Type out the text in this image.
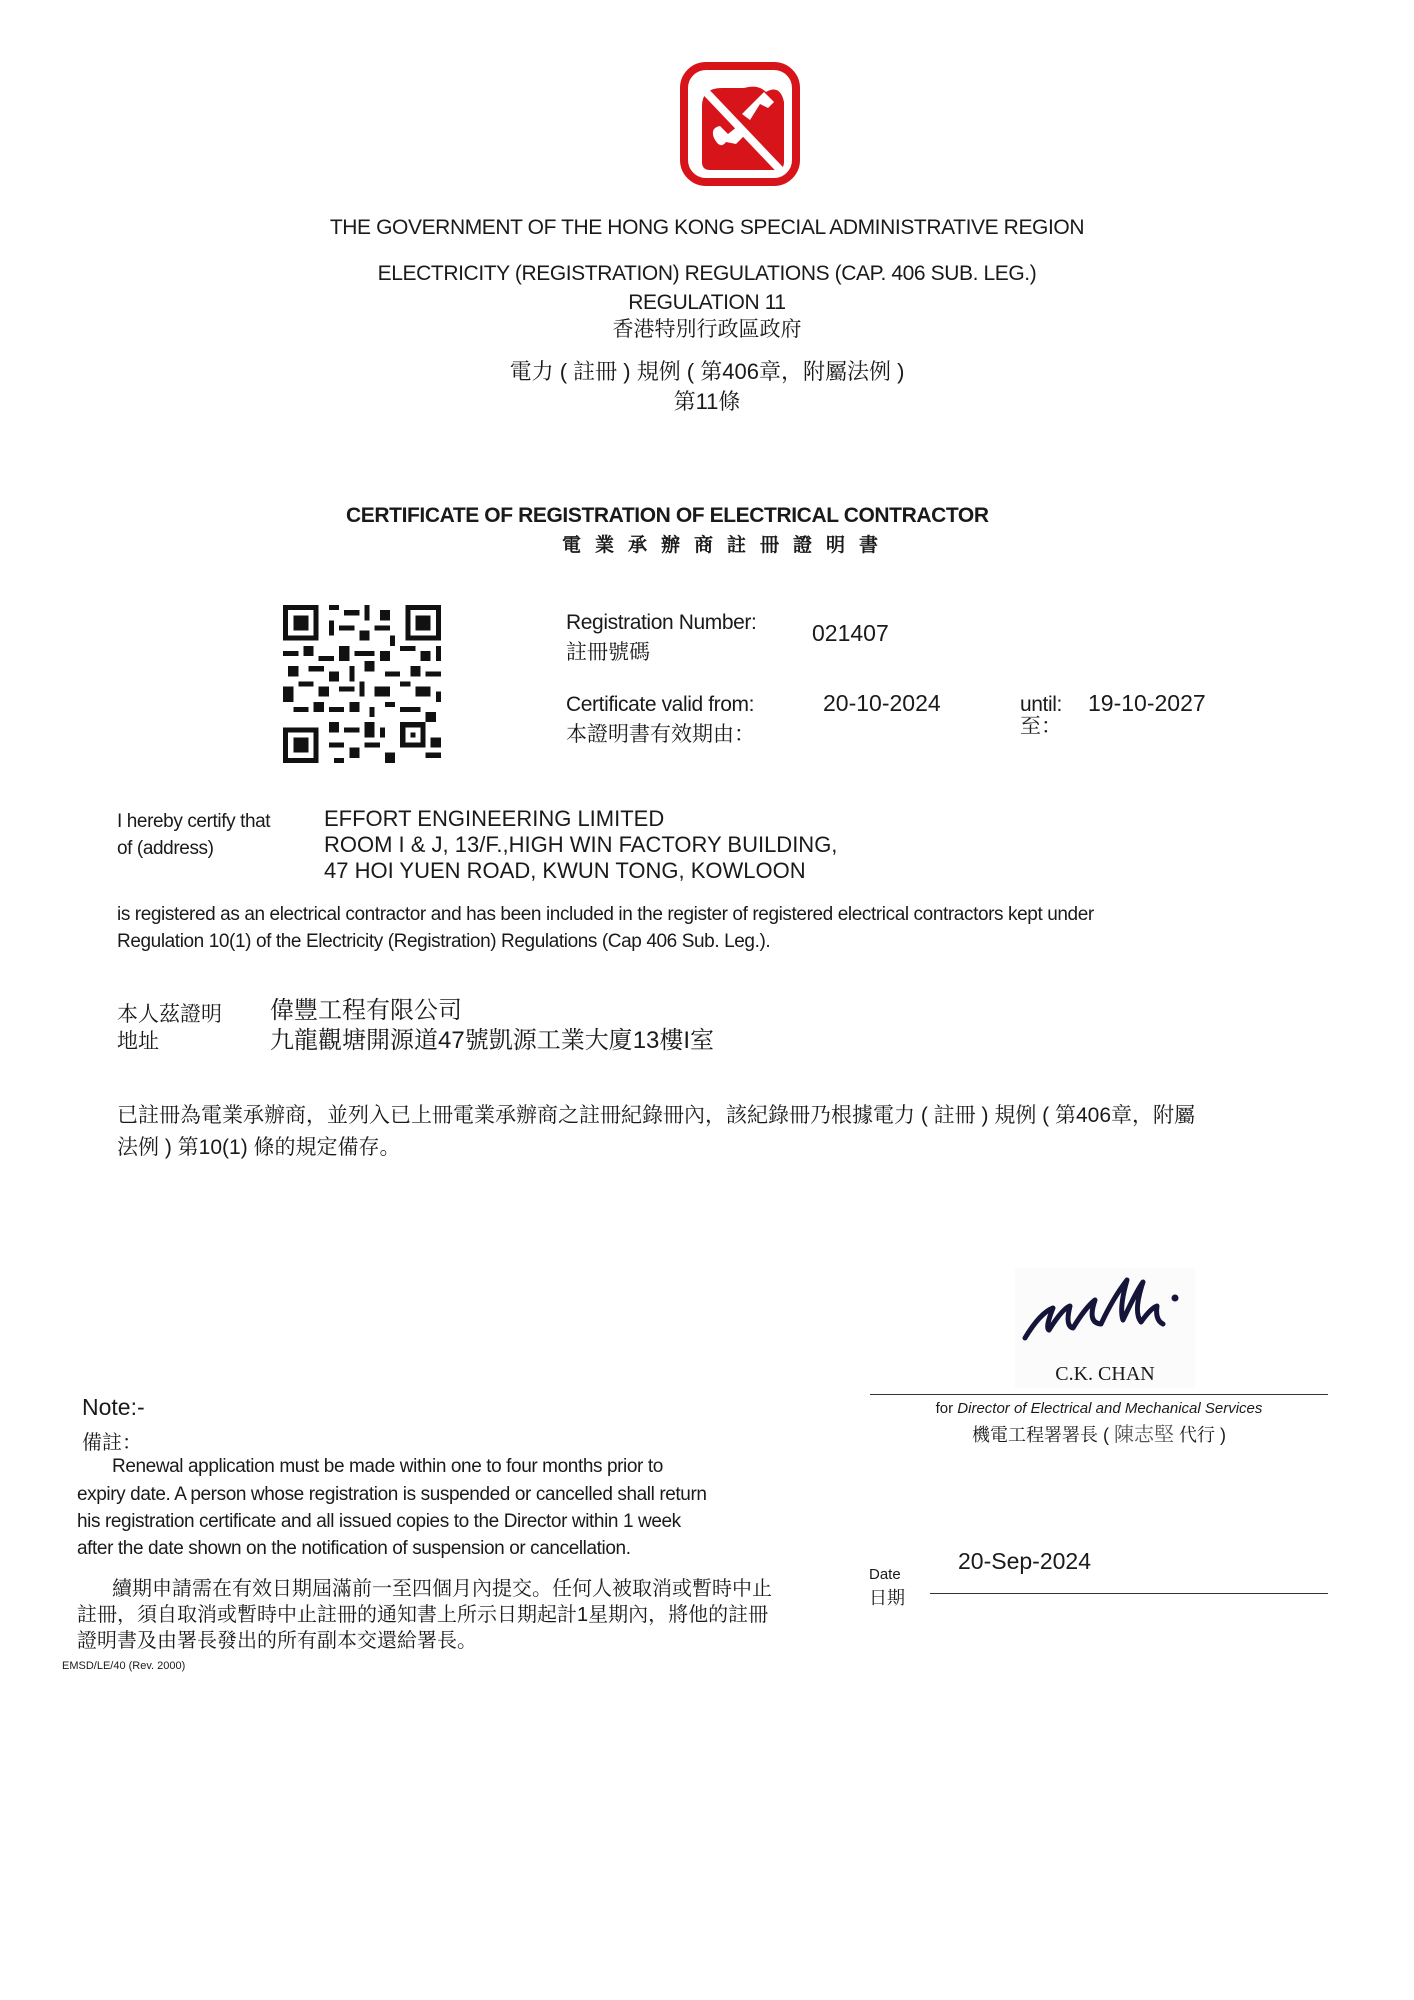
THE GOVERNMENT OF THE HONG KONG SPECIAL ADMINISTRATIVE REGION
ELECTRICITY (REGISTRATION) REGULATIONS (CAP. 406 SUB. LEG.)
REGULATION 11
香港特別行政區政府
電力 ( 註冊 ) 規例 ( 第406章，附屬法例 )
第11條
CERTIFICATE OF REGISTRATION OF ELECTRICAL CONTRACTOR
電業承辦商註冊證明書
Registration Number:
註冊號碼
021407
Certificate valid from:
本證明書有效期由：
20-10-2024	until:
至：
19-10-2027
I hereby certify that
of (address)
EFFORT ENGINEERING LIMITED
ROOM I & J, 13/F.,HIGH WIN FACTORY BUILDING,
47 HOI YUEN ROAD, KWUN TONG, KOWLOON
is registered as an electrical contractor and has been included in the register of registered electrical contractors kept under
Regulation 10(1) of the Electricity (Registration) Regulations (Cap 406 Sub. Leg.).
本人茲證明
地址
偉豐工程有限公司
九龍觀塘開源道47號凱源工業大廈13樓I室
已註冊為電業承辦商，並列入已上冊電業承辦商之註冊紀錄冊內，該紀錄冊乃根據電力 ( 註冊 ) 規例 ( 第406章，附屬
法例 ) 第10(1) 條的規定備存。
C.K. CHAN
for Director of Electrical and Mechanical Services
機電工程署署長 ( 陳志堅 代行 )
Date
日期
20-Sep-2024
Note:-
備註：
Renewal application must be made within one to four months prior to
expiry date. A person whose registration is suspended or cancelled shall return
his registration certificate and all issued copies to the Director within 1 week
after the date shown on the notification of suspension or cancellation.
續期申請需在有效日期屆滿前一至四個月內提交。任何人被取消或暫時中止
註冊，須自取消或暫時中止註冊的通知書上所示日期起計1星期內，將他的註冊
證明書及由署長發出的所有副本交還給署長。
EMSD/LE/40 (Rev. 2000)
